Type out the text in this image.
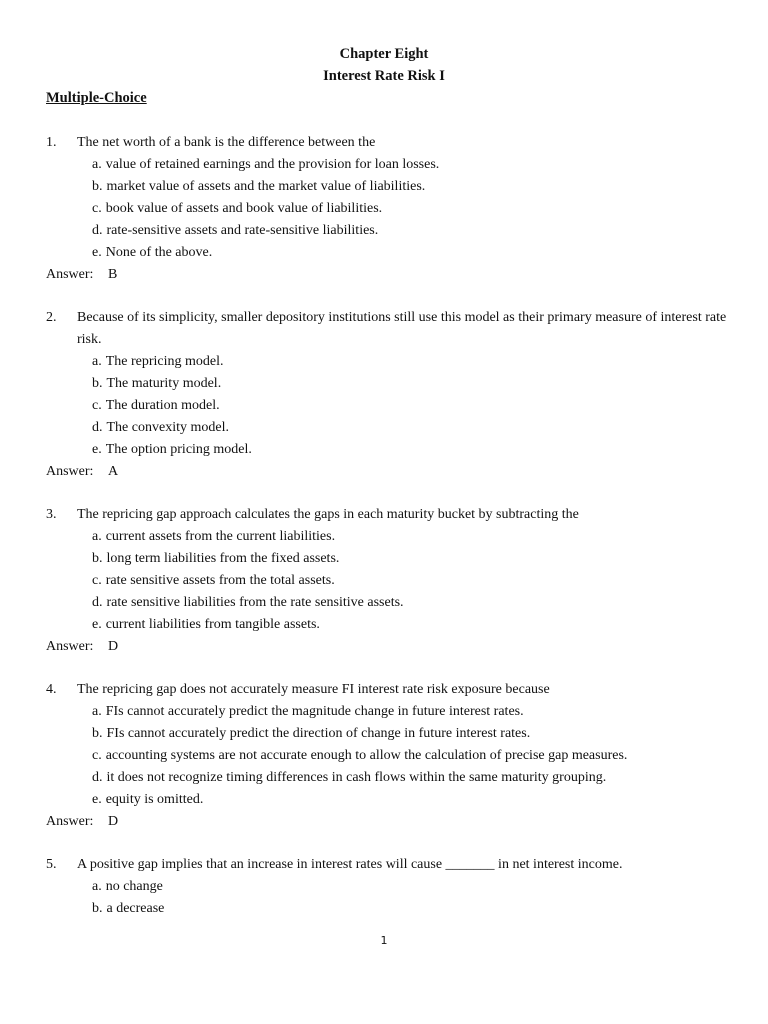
Chapter Eight
Interest Rate Risk I
Multiple-Choice
1.	The net worth of a bank is the difference between the
a. value of retained earnings and the provision for loan losses.
b. market value of assets and the market value of liabilities.
c. book value of assets and book value of liabilities.
d. rate-sensitive assets and rate-sensitive liabilities.
e. None of the above.
Answer:	B
2.	Because of its simplicity, smaller depository institutions still use this model as their primary measure of interest rate risk.
a. The repricing model.
b. The maturity model.
c. The duration model.
d. The convexity model.
e. The option pricing model.
Answer:	A
3.	The repricing gap approach calculates the gaps in each maturity bucket by subtracting the
a. current assets from the current liabilities.
b. long term liabilities from the fixed assets.
c. rate sensitive assets from the total assets.
d. rate sensitive liabilities from the rate sensitive assets.
e. current liabilities from tangible assets.
Answer:	D
4.	The repricing gap does not accurately measure FI interest rate risk exposure because
a. FIs cannot accurately predict the magnitude change in future interest rates.
b. FIs cannot accurately predict the direction of change in future interest rates.
c. accounting systems are not accurate enough to allow the calculation of precise gap measures.
d. it does not recognize timing differences in cash flows within the same maturity grouping.
e. equity is omitted.
Answer:	D
5.	A positive gap implies that an increase in interest rates will cause _______ in net interest income.
a. no change
b. a decrease
1
